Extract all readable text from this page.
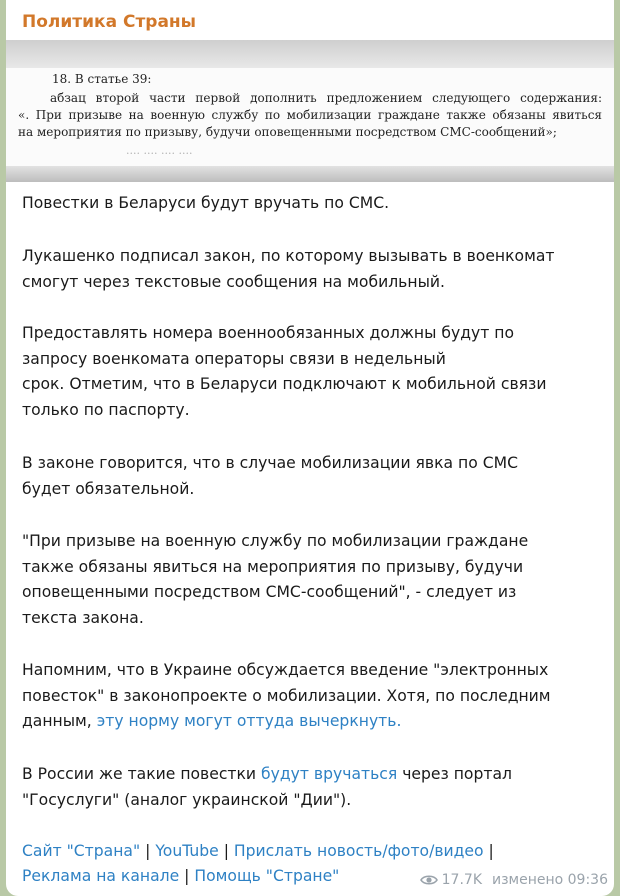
Политика Страны
18. В статье 39:
абзац второй части первой дополнить предложением следующего содержания:
«. При призыве на военную службу по мобилизации граждане также обязаны явиться
на мероприятия по призыву, будучи оповещенными посредством СМС-сообщений»;
.... .... .... ....
Повестки в Беларуси будут вручать по СМС.
Лукашенко подписал закон, по которому вызывать в военкомат
смогут через текстовые сообщения на мобильный.
Предоставлять номера военнообязанных должны будут по
запросу военкомата операторы связи в недельный
срок. Отметим, что в Беларуси подключают к мобильной связи
только по паспорту.
В законе говорится, что в случае мобилизации явка по СМС
будет обязательной.
"При призыве на военную службу по мобилизации граждане
также обязаны явиться на мероприятия по призыву, будучи
оповещенными посредством СМС-сообщений", - следует из
текста закона.
Напомним, что в Украине обсуждается введение "электронных
повесток" в законопроекте о мобилизации. Хотя, по последним
данным, эту норму могут оттуда вычеркнуть.
В России же такие повестки будут вручаться через портал
"Госуслуги" (аналог украинской "Дии").
Сайт "Страна" | YouTube | Прислать новость/фото/видео |
Реклама на канале | Помощь "Стране"	17.7K изменено 09:36
